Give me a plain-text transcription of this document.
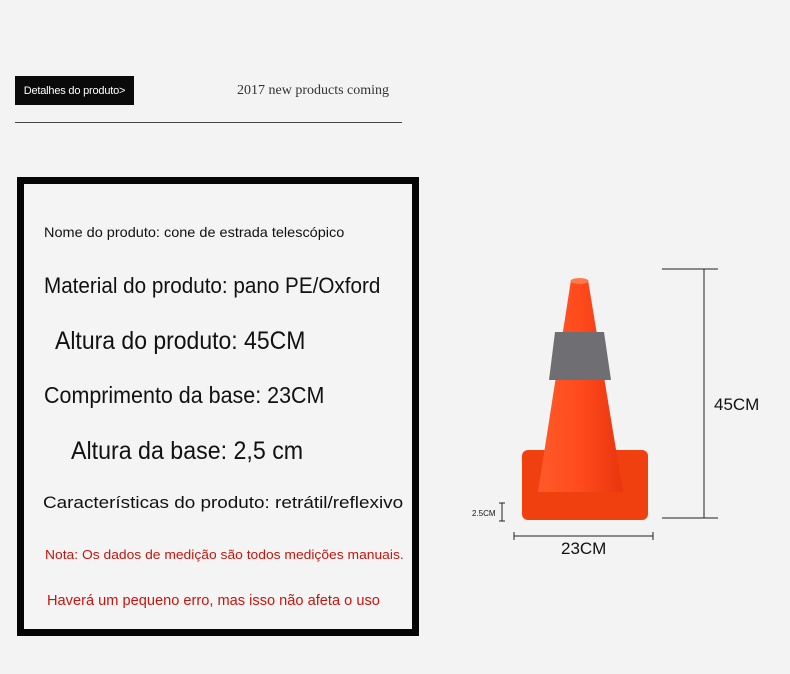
Detalhes do produto>	2017 new products coming
Nome do produto: cone de estrada telescópico
Material do produto: pano PE/Oxford
Altura do produto: 45CM
Comprimento da base: 23CM
Altura da base: 2,5 cm
Características do produto: retrátil/reflexivo
Nota: Os dados de medição são todos medições manuais.
Haverá um pequeno erro, mas isso não afeta o uso
45CM
23CM
2.5CM
